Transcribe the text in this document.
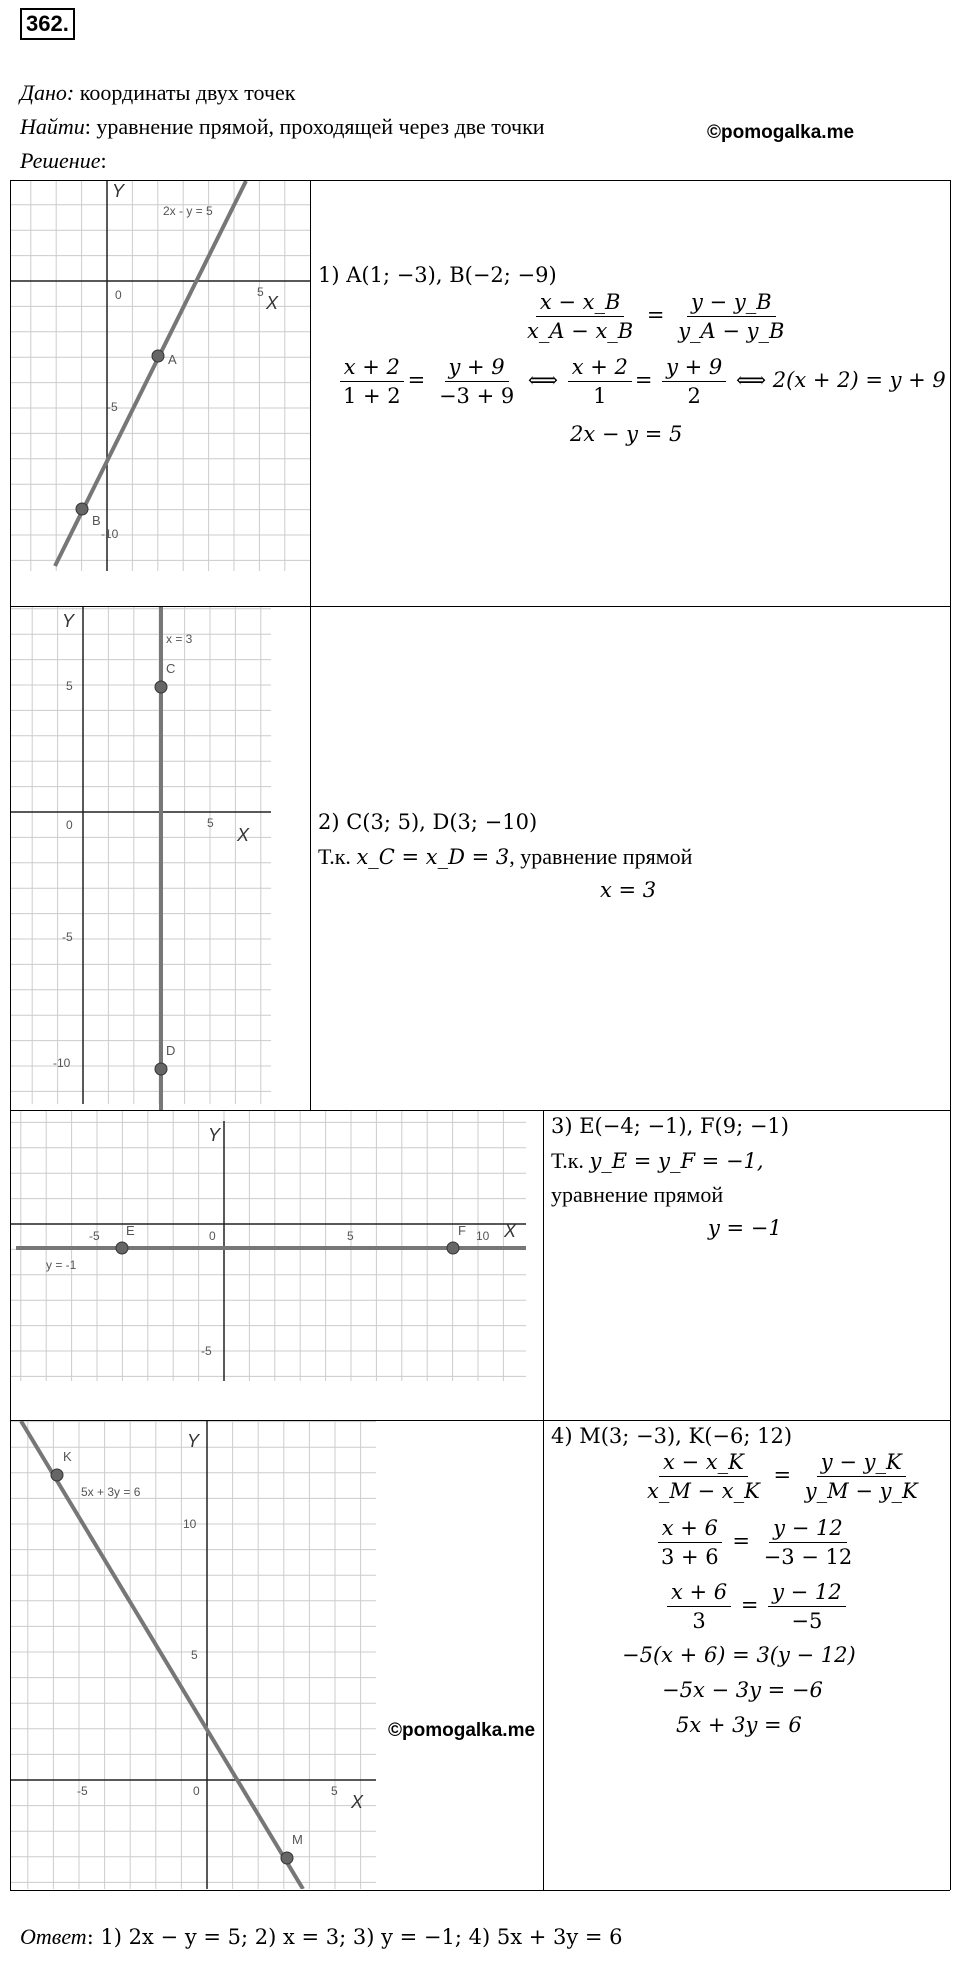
362.
Дано: координаты двух точек
Найти: уравнение прямой, проходящей через две точки	©pomogalka.me
Решение:
Y
X
2x - y = 5
0	5
-5
-10
A
B
1) A(1; −3), B(−2; −9)
$\frac{x - x\_B}{x\_A - x\_B} = \frac{y - y\_B}{y\_A - y\_B}$
$\frac{x + 2}{1 + 2} = \frac{y + 9}{-3 + 9}$ ⟺ $\frac{x + 2}{1} = \frac{y + 9}{2}$ ⟺ 2(x + 2) = y + 9
2x − y = 5
Y
X
x = 3
0	5
5
-5
-10
C
D
2) C(3; 5), D(3; −10)
Т.к. x_C = x_D = 3, уравнение прямой
x = 3
Y
X
y = -1
0
-5	5	10
-5
E	F
3) E(−4; −1), F(9; −1)
Т.к. y_E = y_F = −1,
уравнение прямой
y = −1
Y
X
5x + 3y = 6
0
-5	5
5
10
K
M
©pomogalka.me
4) M(3; −3), K(−6; 12)
$\frac{x - x\_K}{x\_M - x\_K} = \frac{y - y\_K}{y\_M - y\_K}$
$\frac{x + 6}{3 + 6} = \frac{y - 12}{-3 - 12}$
$\frac{x + 6}{3} = \frac{y - 12}{-5}$
−5(x + 6) = 3(y − 12)
−5x − 3y = −6
5x + 3y = 6
Ответ: 1) 2x − y = 5; 2) x = 3; 3) y = −1; 4) 5x + 3y = 6
